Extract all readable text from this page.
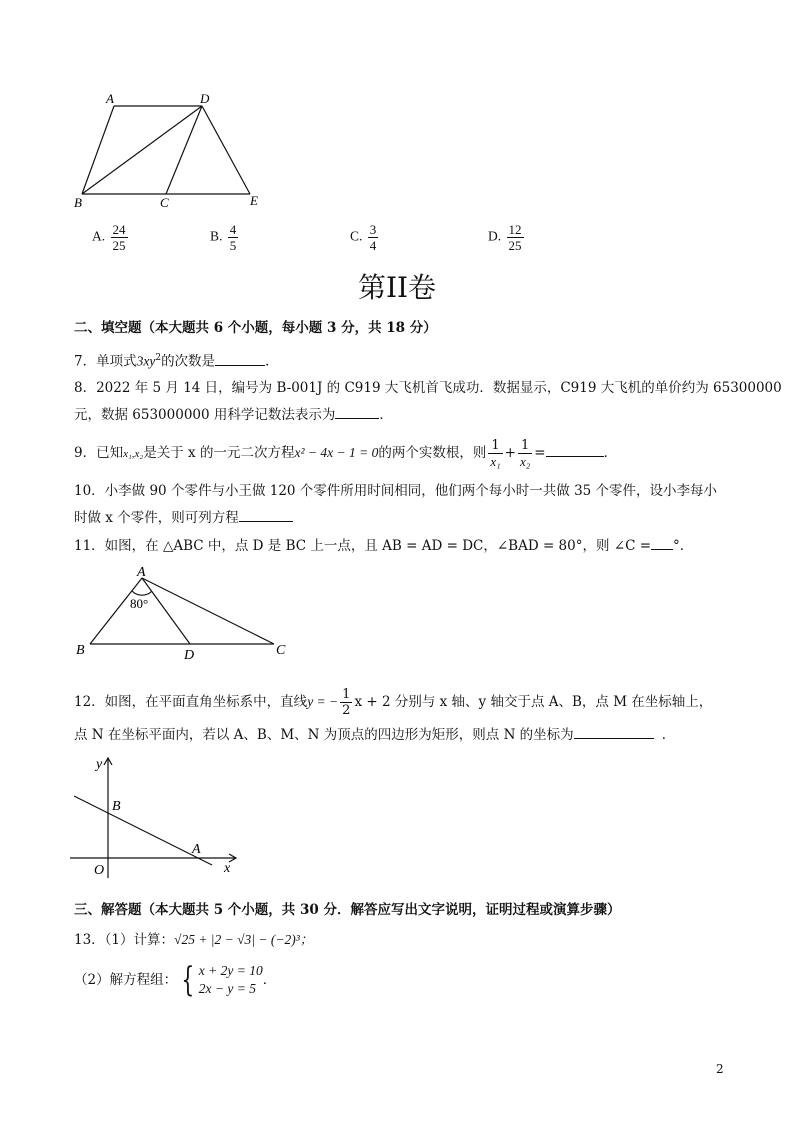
A	D
B	C	E
A. $\frac{24}{25}$	B. $\frac{4}{5}$	C. $\frac{3}{4}$	D. $\frac{12}{25}$
第II卷
二、填空题（本大题共 6 个小题，每小题 3 分，共 18 分）
7．单项式$3xy^2$的次数是	．
8．2022 年 5 月 14 日，编号为 B-001J 的 C919 大飞机首飞成功．数据显示，C919 大飞机的单价约为 65300000
元，数据 653000000 用科学记数法表示为	．
9．已知x₁,x₂是关于 x 的一元二次方程x² − 4x − 1 = 0的两个实数根，则 $\frac{1}{\text{x₁}} + \frac{1}{\text{x₂}}$ =	．
10．小李做 90 个零件与小王做 120 个零件所用时间相同，他们两个每小时一共做 35 个零件，设小李每小
时做 x 个零件，则可列方程
11．如图，在 △ABC 中，点 D 是 BC 上一点，且 AB = AD = DC，∠BAD = 80°，则 ∠C = °．
A
80°
B	D	C
12．如图，在平面直角坐标系中，直线y = − $\frac{1}{2}$ x + 2 分别与 x 轴、y 轴交于点 A、B，点 M 在坐标轴上，
点 N 在坐标平面内，若以 A、B、M、N 为顶点的四边形为矩形，则点 N 的坐标为	．
y
B
A
O	x
三、解答题（本大题共 5 个小题，共 30 分．解答应写出文字说明，证明过程或演算步骤）
13．（1）计算：√25 + |2 − √3| − (−2)³；
（2）解方程组： { x + 2y = 10
2x − y = 5
．
2
